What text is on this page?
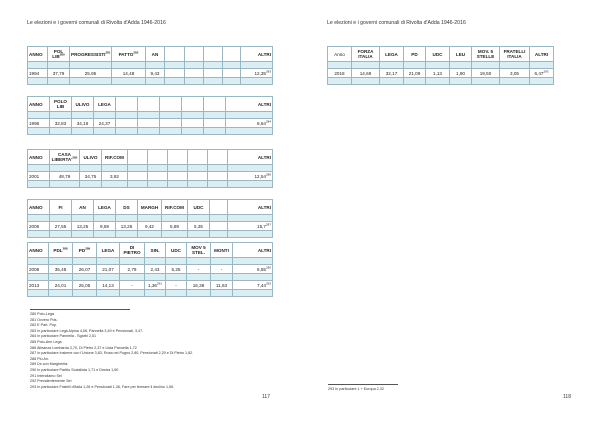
Le elezioni e i governi comunali di Rivolta d'Adda 1946-2016
ANNO	POL LIB$^{280}$	PROGRESSISTI$^{281}$	PATTO$^{282}$	AN					ALTRI

1994	37,79	25,95	14,48	9,43					12,35$^{283}$

ANNO	POLO LIB	ULIVO	LEGA						ALTRI

1996	32,83	34,16	24,37						8,64$^{284}$

ANNO	CASA $LIBERTA'^{285}$	ULIVO	RIF.COM						ALTRI

2001	48,79	34,75	3,92						12,54$^{286}$

ANNO	FI	AN	LEGA	DS	MARGH	RIF.COM	UDC		ALTRI

2006	27,55	13,25	9,59	13,25	9,42	5,89	5,35		15,7$^{287}$

ANNO	PDL$^{288}$	PD$^{289}$	LEGA	DI PIETRO	SIN.	UDC	MOV 5 STEL.	MONTI	ALTRI

2008	35,48	26,07	21,07	2,79	2,43	5,25	-	-	6,55$^{290}$

2013	24,01	25,05	14,13	-	1,36$^{291}$	-	16,38	11,63	7,44$^{292}$

280 Polo-Lega
281 Ovvero Pds.
282 E Part. Pop.
283 In particolare Lega Alpina 4,06, Pannella 3,49 e Pensionati, 3,47.
284 In particolare Pannella - Sgarbi 2,51
285 Polo-Ann Lega
286 Alleanza Lombarda 3,70, Di Pietro 2,37 e Lista Pannella 1,72
287 In particolare Insieme con l'Unione 3,83, Rosa nel Pugno 2,80, Pensionati 2,20 e Di Pietro 1,82.
288 Più An.
289 Ds con Margherita.
290 In particolare Partito Socialista 1,71 e Destra 1,60
291 Intendiamo Sel
292 Prevalentemente Sel
293 In particolare Fratelli d'Italia 1,26 e Pensionati 1,36, Fare per fermare il declino 1,56.
117
Le elezioni e i governi comunali di Rivolta d'Adda 1946-2016
Anno	FORZA ITALIA	LEGA	PD	UDC	LEU	MOV. 5 STELLE	FRATELLI ITALIA	ALTRI

2018	14,69	32,17	21,09	1,13	1,90	19,50	3,05	6,47$^{293}$

293 In particolare 1 + Europa 2,32
118
